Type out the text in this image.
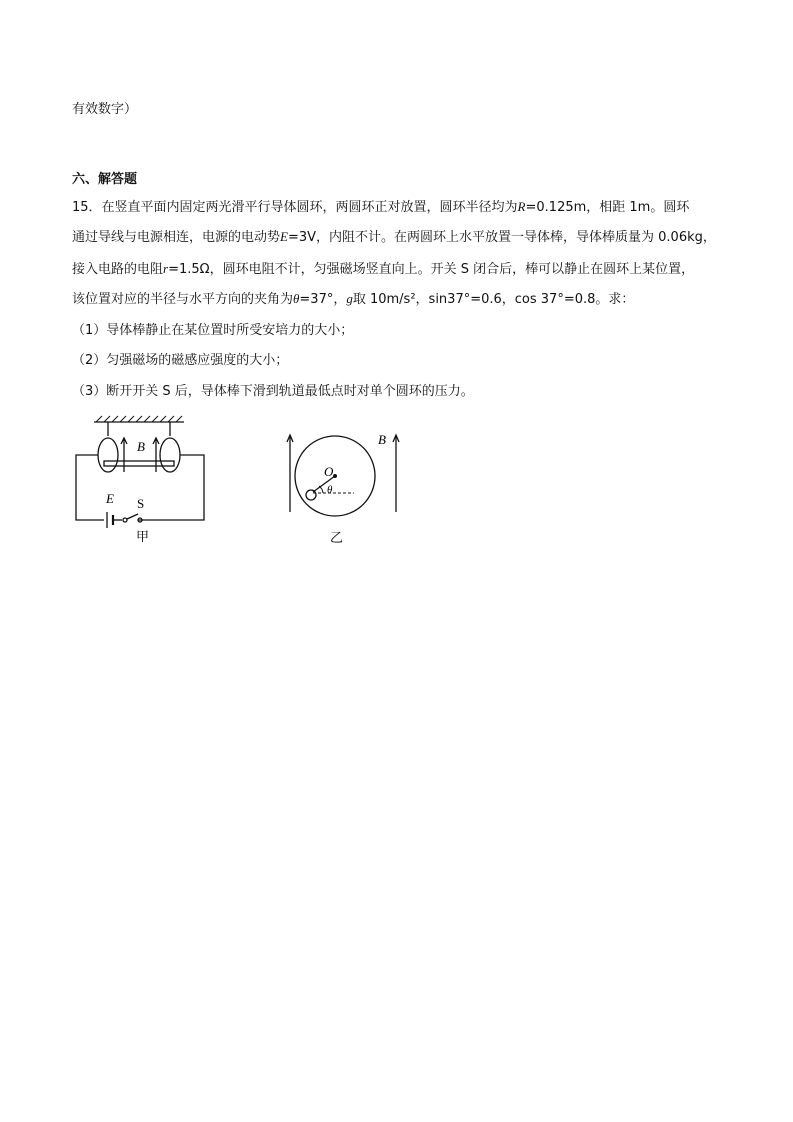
有效数字）
六、解答题
15．在竖直平面内固定两光滑平行导体圆环，两圆环正对放置，圆环半径均为R=0.125m，相距 1m。圆环
通过导线与电源相连，电源的电动势E=3V，内阻不计。在两圆环上水平放置一导体棒，导体棒质量为 0.06kg，
接入电路的电阻r=1.5Ω，圆环电阻不计，匀强磁场竖直向上。开关 S 闭合后，棒可以静止在圆环上某位置，
该位置对应的半径与水平方向的夹角为θ=37°，g取 10m/s²，sin37°=0.6，cos 37°=0.8。求：
（1）导体棒静止在某位置时所受安培力的大小；
（2）匀强磁场的磁感应强度的大小；
（3）断开开关 S 后，导体棒下滑到轨道最低点时对单个圆环的压力。
B
E S
甲
O
θ
B
乙
